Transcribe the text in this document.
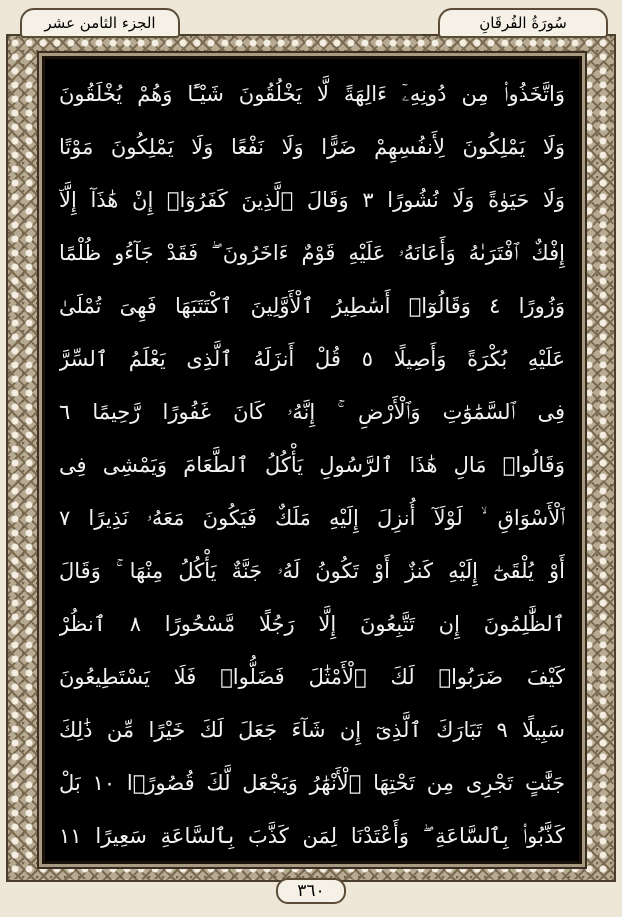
الجزء الثامن عشر	سُورَةُ الفُرقَانِ
وَاتَّخَذُوا۟ مِن دُونِهِۦٓ ءَالِهَةً لَّا يَخْلُقُونَ شَيْـًٔا وَهُمْ يُخْلَقُونَ
وَلَا يَمْلِكُونَ لِأَنفُسِهِمْ ضَرًّا وَلَا نَفْعًا وَلَا يَمْلِكُونَ مَوْتًا
وَلَا حَيَوٰةً وَلَا نُشُورًا ٣ وَقَالَ ٱلَّذِينَ كَفَرُوٓا۟ إِنْ هَٰذَآ إِلَّآ
إِفْكٌ ٱفْتَرَىٰهُ وَأَعَانَهُۥ عَلَيْهِ قَوْمٌ ءَاخَرُونَ ۖ فَقَدْ جَآءُو ظُلْمًا
وَزُورًا ٤ وَقَالُوٓا۟ أَسَٰطِيرُ ٱلْأَوَّلِينَ ٱكْتَتَبَهَا فَهِىَ تُمْلَىٰ
عَلَيْهِ بُكْرَةً وَأَصِيلًا ٥ قُلْ أَنزَلَهُ ٱلَّذِى يَعْلَمُ ٱلسِّرَّ
فِى ٱلسَّمَٰوَٰتِ وَٱلْأَرْضِ ۚ إِنَّهُۥ كَانَ غَفُورًا رَّحِيمًا ٦
وَقَالُوا۟ مَالِ هَٰذَا ٱلرَّسُولِ يَأْكُلُ ٱلطَّعَامَ وَيَمْشِى فِى
ٱلْأَسْوَاقِ ۙ لَوْلَآ أُنزِلَ إِلَيْهِ مَلَكٌ فَيَكُونَ مَعَهُۥ نَذِيرًا ٧
أَوْ يُلْقَىٰٓ إِلَيْهِ كَنزٌ أَوْ تَكُونُ لَهُۥ جَنَّةٌ يَأْكُلُ مِنْهَا ۚ وَقَالَ
ٱلظَّٰلِمُونَ إِن تَتَّبِعُونَ إِلَّا رَجُلًا مَّسْحُورًا ٨ ٱنظُرْ
كَيْفَ ضَرَبُوا۟ لَكَ ٱلْأَمْثَٰلَ فَضَلُّوا۟ فَلَا يَسْتَطِيعُونَ
سَبِيلًا ٩ تَبَارَكَ ٱلَّذِىٓ إِن شَآءَ جَعَلَ لَكَ خَيْرًا مِّن ذَٰلِكَ
جَنَّٰتٍ تَجْرِى مِن تَحْتِهَا ٱلْأَنْهَٰرُ وَيَجْعَل لَّكَ قُصُورًۢا ١٠ بَلْ
كَذَّبُوا۟ بِٱلسَّاعَةِ ۖ وَأَعْتَدْنَا لِمَن كَذَّبَ بِٱلسَّاعَةِ سَعِيرًا ١١
٣٦٠
